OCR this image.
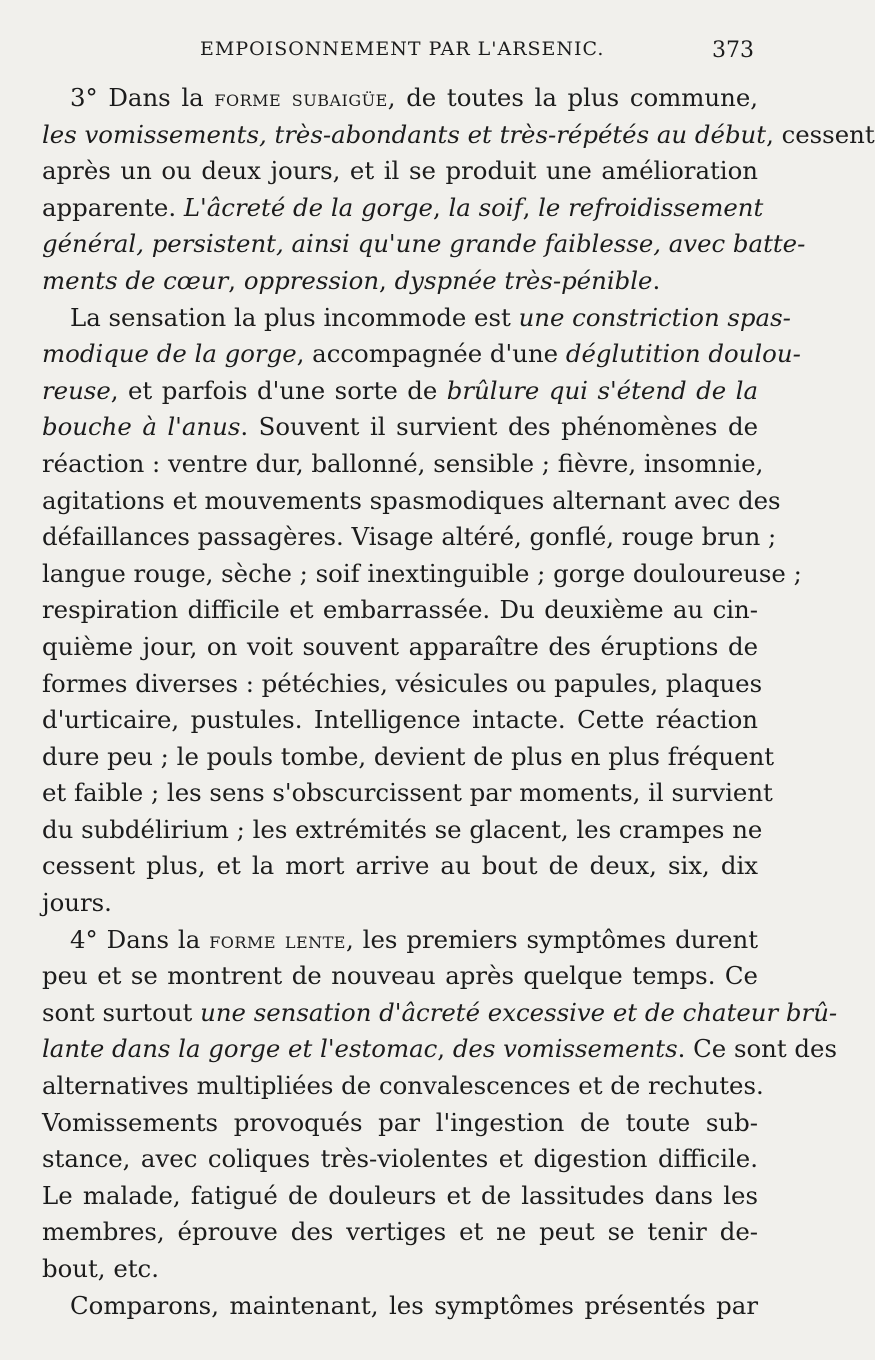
EMPOISONNEMENT PAR L'ARSENIC.	373
3° Dans la forme subaigüe, de toutes la plus commune,
les vomissements, très-abondants et très-répétés au début, cessent
après un ou deux jours, et il se produit une amélioration
apparente. L'âcreté de la gorge, la soif, le refroidissement
général, persistent, ainsi qu'une grande faiblesse, avec batte-
ments de cœur, oppression, dyspnée très-pénible.
La sensation la plus incommode est une constriction spas-
modique de la gorge, accompagnée d'une déglutition doulou-
reuse, et parfois d'une sorte de brûlure qui s'étend de la
bouche à l'anus. Souvent il survient des phénomènes de
réaction : ventre dur, ballonné, sensible ; fièvre, insomnie,
agitations et mouvements spasmodiques alternant avec des
défaillances passagères. Visage altéré, gonflé, rouge brun ;
langue rouge, sèche ; soif inextinguible ; gorge douloureuse ;
respiration difficile et embarrassée. Du deuxième au cin-
quième jour, on voit souvent apparaître des éruptions de
formes diverses : pétéchies, vésicules ou papules, plaques
d'urticaire, pustules. Intelligence intacte. Cette réaction
dure peu ; le pouls tombe, devient de plus en plus fréquent
et faible ; les sens s'obscurcissent par moments, il survient
du subdélirium ; les extrémités se glacent, les crampes ne
cessent plus, et la mort arrive au bout de deux, six, dix
jours.
4° Dans la forme lente, les premiers symptômes durent
peu et se montrent de nouveau après quelque temps. Ce
sont surtout une sensation d'âcreté excessive et de chateur brû-
lante dans la gorge et l'estomac, des vomissements. Ce sont des
alternatives multipliées de convalescences et de rechutes.
Vomissements provoqués par l'ingestion de toute sub-
stance, avec coliques très-violentes et digestion difficile.
Le malade, fatigué de douleurs et de lassitudes dans les
membres, éprouve des vertiges et ne peut se tenir de-
bout, etc.
Comparons, maintenant, les symptômes présentés par
